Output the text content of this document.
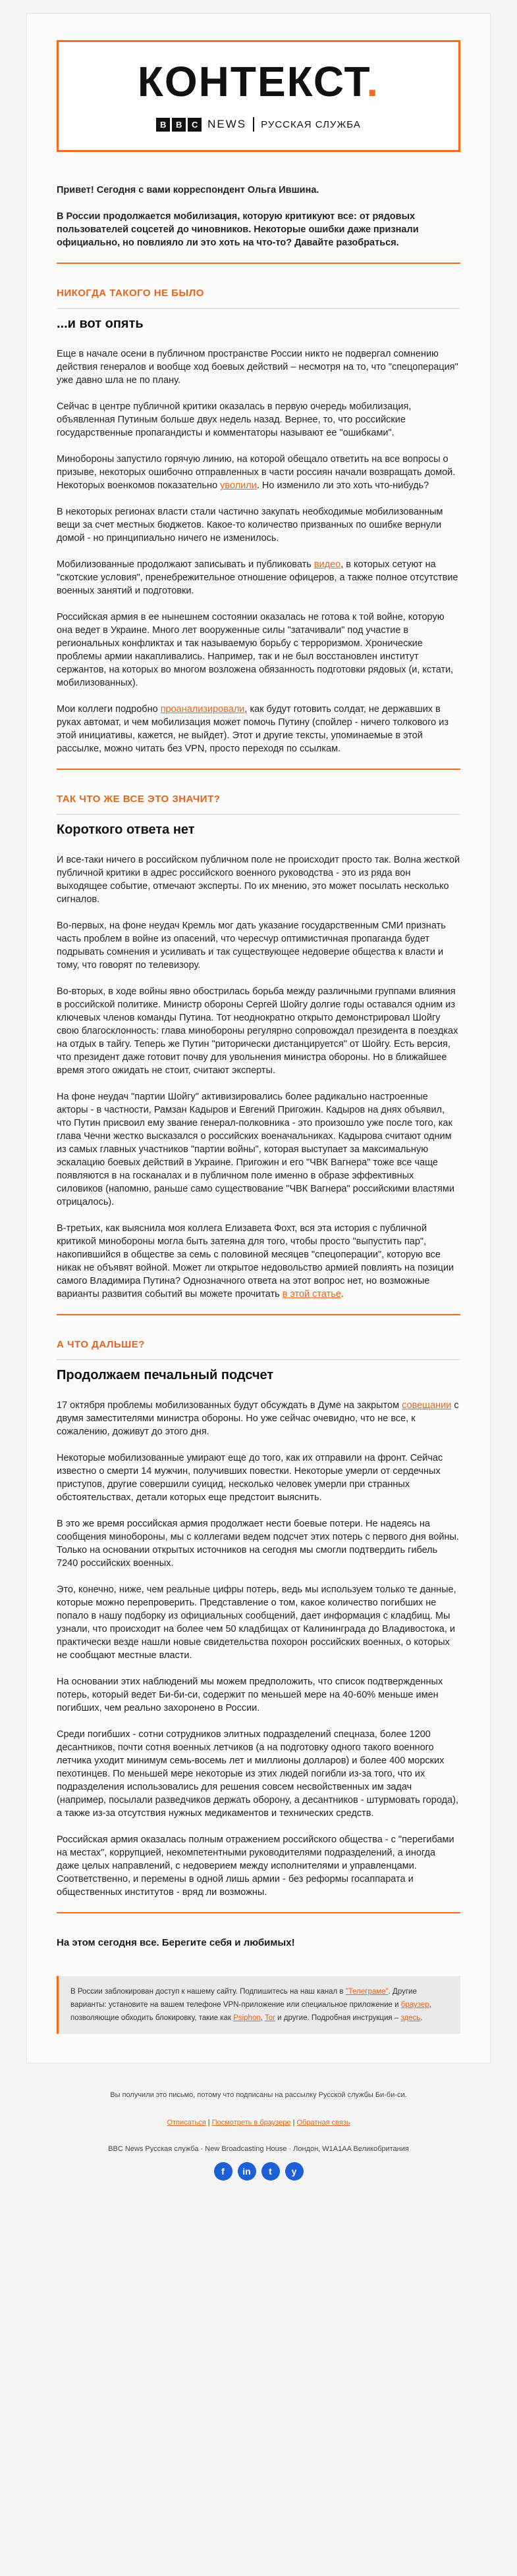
КОНТЕКСТ.
B	B	C NEWS РУССКАЯ СЛУЖБА

Привет! Сегодня с вами корреспондент Ольга Ившина.

В России продолжается мобилизация, которую критикуют все: от рядовых пользователей соцсетей до чиновников. Некоторые ошибки даже признали официально, но повлияло ли это хоть на что-то? Давайте разобраться.

НИКОГДА ТАКОГО НЕ БЫЛО
...и вот опять

Еще в начале осени в публичном пространстве России никто не подвергал сомнению действия генералов и вообще ход боевых действий – несмотря на то, что "спецоперация" уже давно шла не по плану.

Сейчас в центре публичной критики оказалась в первую очередь мобилизация, объявленная Путиным больше двух недель назад. Вернее, то, что российские государственные пропагандисты и комментаторы называют ее "ошибками".

Минобороны запустило горячую линию, на которой обещало ответить на все вопросы о призыве, некоторых ошибочно отправленных в части россиян начали возвращать домой. Некоторых военкомов показательно уволили. Но изменило ли это хоть что-нибудь?

В некоторых регионах власти стали частично закупать необходимые мобилизованным вещи за счет местных бюджетов. Какое-то количество призванных по ошибке вернули домой - но принципиально ничего не изменилось.

Мобилизованные продолжают записывать и публиковать видео, в которых сетуют на "скотские условия", пренебрежительное отношение офицеров, а также полное отсутствие военных занятий и подготовки.

Российская армия в ее нынешнем состоянии оказалась не готова к той войне, которую она ведет в Украине. Много лет вооруженные силы "затачивали" под участие в региональных конфликтах и так называемую борьбу с терроризмом. Хронические проблемы армии накапливались. Например, так и не был восстановлен институт сержантов, на которых во многом возложена обязанность подготовки рядовых (и, кстати, мобилизованных).

Мои коллеги подробно проанализировали, как будут готовить солдат, не державших в руках автомат, и чем мобилизация может помочь Путину (спойлер - ничего толкового из этой инициативы, кажется, не выйдет). Этот и другие тексты, упоминаемые в этой рассылке, можно читать без VPN, просто переходя по ссылкам.

ТАК ЧТО ЖЕ ВСЕ ЭТО ЗНАЧИТ?
Короткого ответа нет

И все-таки ничего в российском публичном поле не происходит просто так. Волна жесткой публичной критики в адрес российского военного руководства - это из ряда вон выходящее событие, отмечают эксперты. По их мнению, это может посылать несколько сигналов.

Во-первых, на фоне неудач Кремль мог дать указание государственным СМИ признать часть проблем в войне из опасений, что чересчур оптимистичная пропаганда будет подрывать сомнения и усиливать и так существующее недоверие общества к власти и тому, что говорят по телевизору.

Во-вторых, в ходе войны явно обострилась борьба между различными группами влияния в российской политике. Министр обороны Сергей Шойгу долгие годы оставался одним из ключевых членов команды Путина. Тот неоднократно открыто демонстрировал Шойгу свою благосклонность: глава минобороны регулярно сопровождал президента в поездках на отдых в тайгу. Теперь же Путин "риторически дистанцируется" от Шойгу. Есть версия, что президент даже готовит почву для увольнения министра обороны. Но в ближайшее время этого ожидать не стоит, считают эксперты.

На фоне неудач "партии Шойгу" активизировались более радикально настроенные акторы - в частности, Рамзан Кадыров и Евгений Пригожин. Кадыров на днях объявил, что Путин присвоил ему звание генерал-полковника - это произошло уже после того, как глава Чечни жестко высказался о российских военачальниках. Кадырова считают одним из самых главных участников "партии войны", которая выступает за максимальную эскалацию боевых действий в Украине. Пригожин и его "ЧВК Вагнера" тоже все чаще появляются в на госканалах и в публичном поле именно в образе эффективных силовиков (напомню, раньше само существование "ЧВК Вагнера" российскими властями отрицалось).

В-третьих, как выяснила моя коллега Елизавета Фохт, вся эта история с публичной критикой минобороны могла быть затеяна для того, чтобы просто "выпустить пар", накопившийся в обществе за семь с половиной месяцев "спецоперации", которую все никак не объявят войной. Может ли открытое недовольство армией повлиять на позиции самого Владимира Путина? Однозначного ответа на этот вопрос нет, но возможные варианты развития событий вы можете прочитать в этой статье.

А ЧТО ДАЛЬШЕ?
Продолжаем печальный подсчет

17 октября проблемы мобилизованных будут обсуждать в Думе на закрытом совещании с двумя заместителями министра обороны. Но уже сейчас очевидно, что не все, к сожалению, доживут до этого дня.

Некоторые мобилизованные умирают еще до того, как их отправили на фронт. Сейчас известно о смерти 14 мужчин, получивших повестки. Некоторые умерли от сердечных приступов, другие совершили суицид, несколько человек умерли при странных обстоятельствах, детали которых еще предстоит выяснить.

В это же время российская армия продолжает нести боевые потери. Не надеясь на сообщения минобороны, мы с коллегами ведем подсчет этих потерь с первого дня войны. Только на основании открытых источников на сегодня мы смогли подтвердить гибель 7240 российских военных.

Это, конечно, ниже, чем реальные цифры потерь, ведь мы используем только те данные, которые можно перепроверить. Представление о том, какое количество погибших не попало в нашу подборку из официальных сообщений, дает информация с кладбищ. Мы узнали, что происходит на более чем 50 кладбищах от Калининграда до Владивостока, и практически везде нашли новые свидетельства похорон российских военных, о которых не сообщают местные власти.

На основании этих наблюдений мы можем предположить, что список подтвержденных потерь, который ведет Би-би-си, содержит по меньшей мере на 40-60% меньше имен погибших, чем реально захоронено в России.

Среди погибших - сотни сотрудников элитных подразделений спецназа, более 1200 десантников, почти сотня военных летчиков (а на подготовку одного такого военного летчика уходит минимум семь-восемь лет и миллионы долларов) и более 400 морских пехотинцев. По меньшей мере некоторые из этих людей погибли из-за того, что их подразделения использовались для решения совсем несвойственных им задач (например, посылали разведчиков держать оборону, а десантников - штурмовать города), а также из-за отсутствия нужных медикаментов и технических средств.

Российская армия оказалась полным отражением российского общества - с "перегибами на местах", коррупцией, некомпетентными руководителями подразделений, а иногда даже целых направлений, с недоверием между исполнителями и управленцами. Соответственно, и перемены в одной лишь армии - без реформы госаппарата и общественных институтов - вряд ли возможны.

На этом сегодня все. Берегите себя и любимых!
В России заблокирован доступ к нашему сайту. Подпишитесь на наш канал в "Телеграме". Другие варианты: установите на вашем телефоне VPN-приложение или специальное приложение и браузер, позволяющие обходить блокировку, такие как Psiphon, Tor и другие. Подробная инструкция – здесь.
Вы получили это письмо, потому что подписаны на рассылку Русской службы Би-би-си.
Отписаться | Посмотреть в браузере | Обратная связь
BBC News Русская служба · New Broadcasting House · Лондон, W1A1AA Великобритания
f	in	t	y
